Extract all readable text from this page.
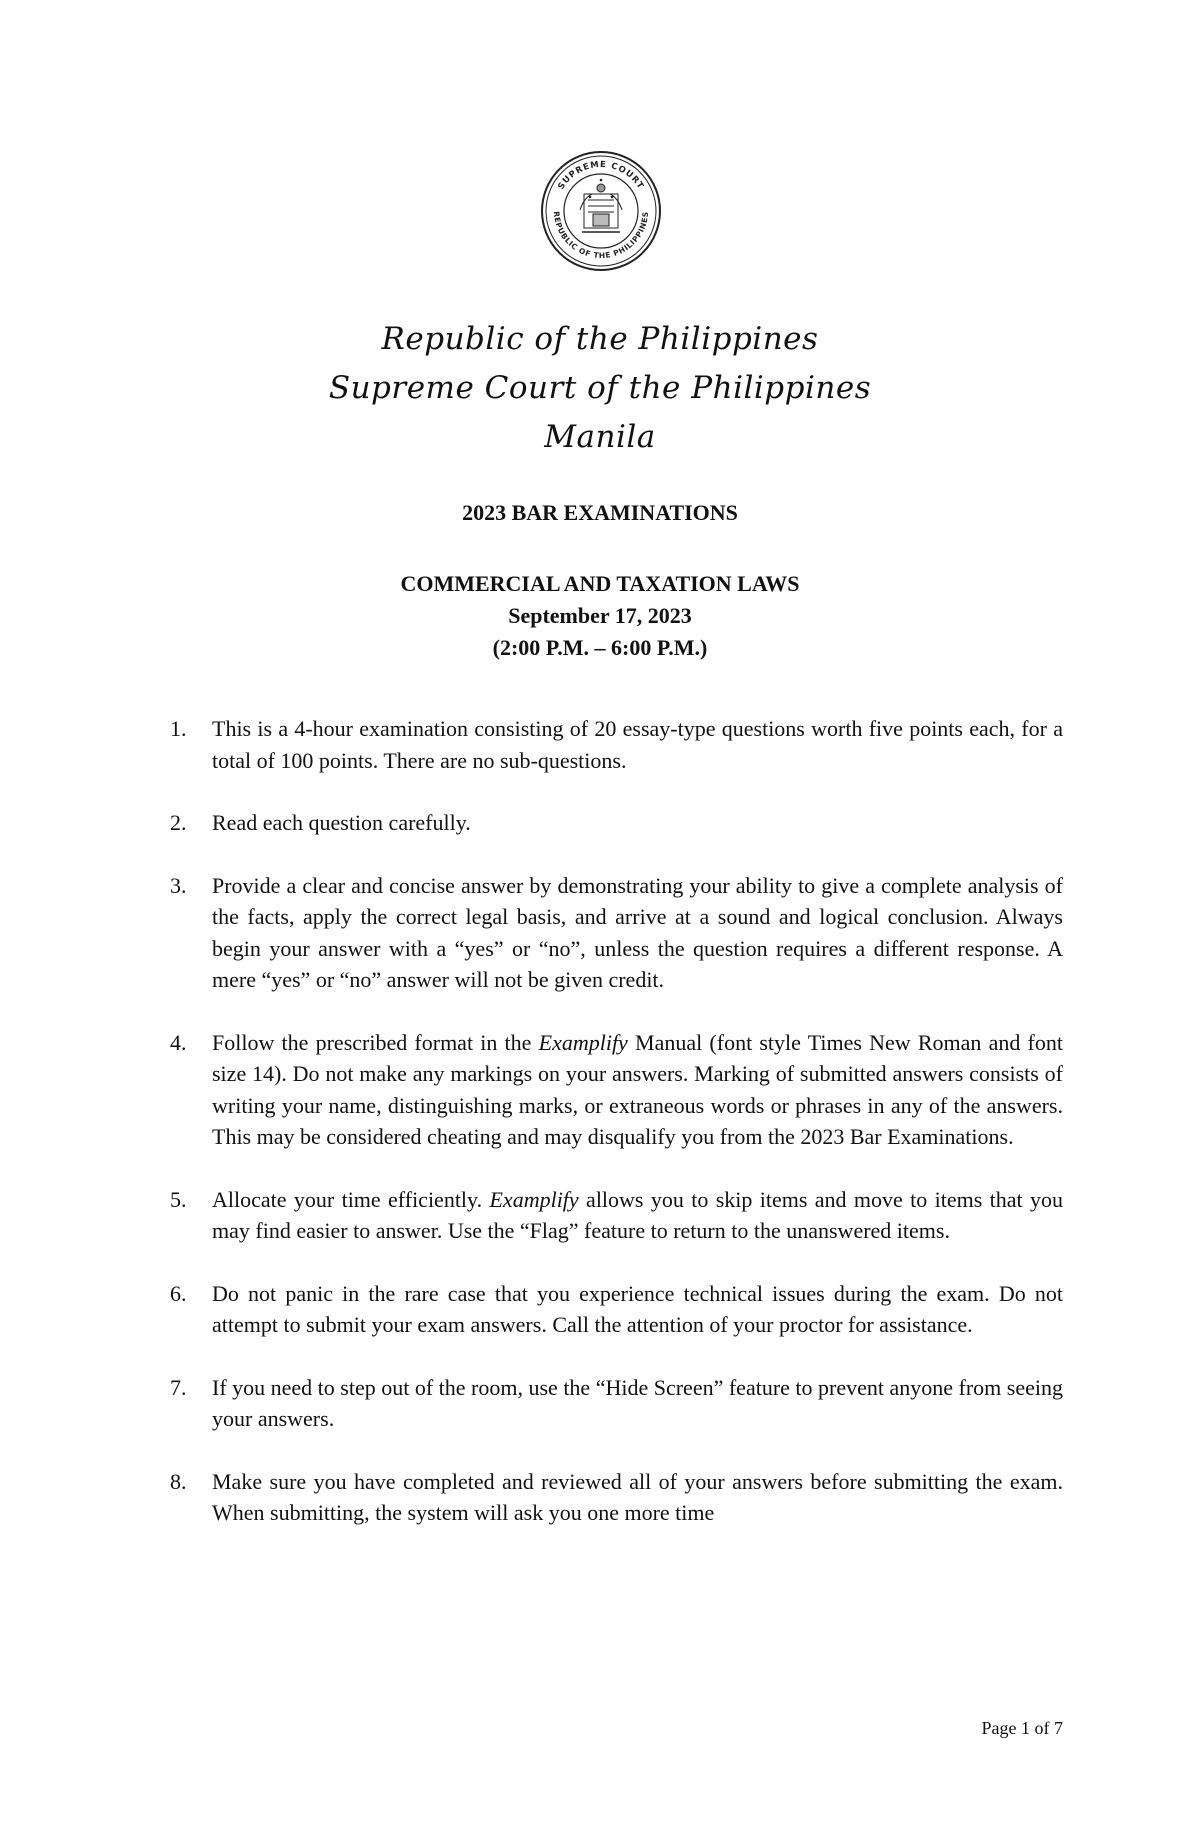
SUPREME COURT
REPUBLIC OF THE PHILIPPINES
Republic of the Philippines
Supreme Court of the Philippines
Manila
2023 BAR EXAMINATIONS
COMMERCIAL AND TAXATION LAWS
September 17, 2023
(2:00 P.M. – 6:00 P.M.)
1. This is a 4-hour examination consisting of 20 essay-type questions worth five points each, for a total of 100 points. There are no sub-questions.
2. Read each question carefully.
3. Provide a clear and concise answer by demonstrating your ability to give a complete analysis of the facts, apply the correct legal basis, and arrive at a sound and logical conclusion. Always begin your answer with a “yes” or “no”, unless the question requires a different response. A mere “yes” or “no” answer will not be given credit.
4. Follow the prescribed format in the Examplify Manual (font style Times New Roman and font size 14). Do not make any markings on your answers. Marking of submitted answers consists of writing your name, distinguishing marks, or extraneous words or phrases in any of the answers. This may be considered cheating and may disqualify you from the 2023 Bar Examinations.
5. Allocate your time efficiently. Examplify allows you to skip items and move to items that you may find easier to answer. Use the “Flag” feature to return to the unanswered items.
6. Do not panic in the rare case that you experience technical issues during the exam. Do not attempt to submit your exam answers. Call the attention of your proctor for assistance.
7. If you need to step out of the room, use the “Hide Screen” feature to prevent anyone from seeing your answers.
8. Make sure you have completed and reviewed all of your answers before submitting the exam. When submitting, the system will ask you one more time
Page 1 of 7
